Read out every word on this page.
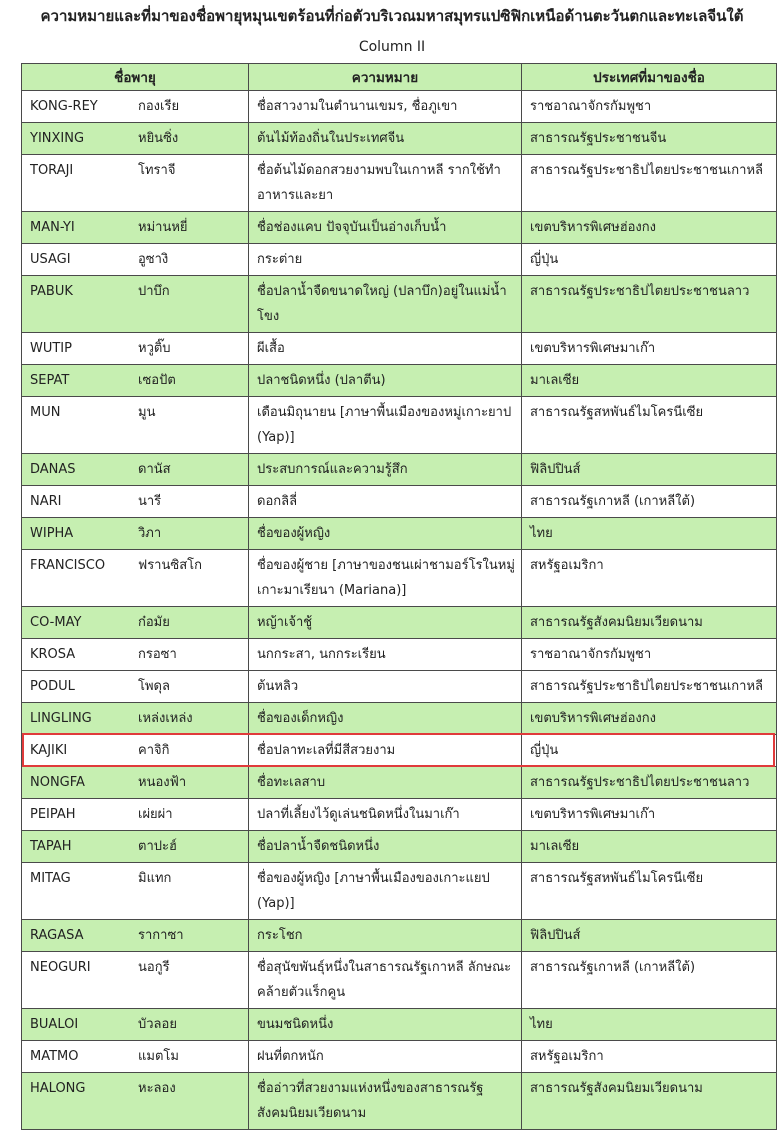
ความหมายและที่มาของชื่อพายุหมุนเขตร้อนที่ก่อตัวบริเวณมหาสมุทรแปซิฟิกเหนือด้านตะวันตกและทะเลจีนใต้
Column II
ชื่อพายุ	ความหมาย	ประเทศที่มาของชื่อ
KONG-REY กองเรีย	ชื่อสาวงามในตำนานเขมร, ชื่อภูเขา	ราชอาณาจักรกัมพูชา
YINXING หยินซิ่ง	ต้นไม้ท้องถิ่นในประเทศจีน	สาธารณรัฐประชาชนจีน
TORAJI โทราจี	ชื่อต้นไม้ดอกสวยงามพบในเกาหลี รากใช้ทำอาหารและยา	สาธารณรัฐประชาธิปไตยประชาชนเกาหลี
MAN-YI หม่านหยี่	ชื่อช่องแคบ ปัจจุบันเป็นอ่างเก็บน้ำ	เขตบริหารพิเศษฮ่องกง
USAGI อูซางิ	กระต่าย	ญี่ปุ่น
PABUK ปาบึก	ชื่อปลาน้ำจืดขนาดใหญ่ (ปลาบึก)อยู่ในแม่น้ำโขง	สาธารณรัฐประชาธิปไตยประชาชนลาว
WUTIP หวูติ๊บ	ผีเสื้อ	เขตบริหารพิเศษมาเก๊า
SEPAT เซอปัต	ปลาชนิดหนึ่ง (ปลาตีน)	มาเลเซีย
MUN มูน	เดือนมิถุนายน [ภาษาพื้นเมืองของหมู่เกาะยาป (Yap)]	สาธารณรัฐสหพันธ์ไมโครนีเซีย
DANAS ดานัส	ประสบการณ์และความรู้สึก	ฟิลิปปินส์
NARI นารี	ดอกลิลี่	สาธารณรัฐเกาหลี (เกาหลีใต้)
WIPHA วิภา	ชื่อของผู้หญิง	ไทย
FRANCISCO ฟรานซิสโก	ชื่อของผู้ชาย [ภาษาของชนเผ่าชามอร์โรในหมู่เกาะมาเรียนา (Mariana)]	สหรัฐอเมริกา
CO-MAY ก๋อมัย	หญ้าเจ้าชู้	สาธารณรัฐสังคมนิยมเวียดนาม
KROSA กรอซา	นกกระสา, นกกระเรียน	ราชอาณาจักรกัมพูชา
PODUL โพดุล	ต้นหลิว	สาธารณรัฐประชาธิปไตยประชาชนเกาหลี
LINGLING เหล่งเหล่ง	ชื่อของเด็กหญิง	เขตบริหารพิเศษฮ่องกง
KAJIKI คาจิกิ	ชื่อปลาทะเลที่มีสีสวยงาม	ญี่ปุ่น
NONGFA หนองฟ้า	ชื่อทะเลสาบ	สาธารณรัฐประชาธิปไตยประชาชนลาว
PEIPAH เผ่ยผ่า	ปลาที่เลี้ยงไว้ดูเล่นชนิดหนึ่งในมาเก๊า	เขตบริหารพิเศษมาเก๊า
TAPAH ตาปะฮ์	ชื่อปลาน้ำจืดชนิดหนึ่ง	มาเลเซีย
MITAG มิแทก	ชื่อของผู้หญิง [ภาษาพื้นเมืองของเกาะแยป (Yap)]	สาธารณรัฐสหพันธ์ไมโครนีเซีย
RAGASA รากาซา	กระโชก	ฟิลิปปินส์
NEOGURI นอกูรี	ชื่อสุนัขพันธุ์หนึ่งในสาธารณรัฐเกาหลี ลักษณะคล้ายตัวแร็กคูน	สาธารณรัฐเกาหลี (เกาหลีใต้)
BUALOI บัวลอย	ขนมชนิดหนึ่ง	ไทย
MATMO แมตโม	ฝนที่ตกหนัก	สหรัฐอเมริกา
HALONG หะลอง	ชื่ออ่าวที่สวยงามแห่งหนึ่งของสาธารณรัฐสังคมนิยมเวียดนาม	สาธารณรัฐสังคมนิยมเวียดนาม
